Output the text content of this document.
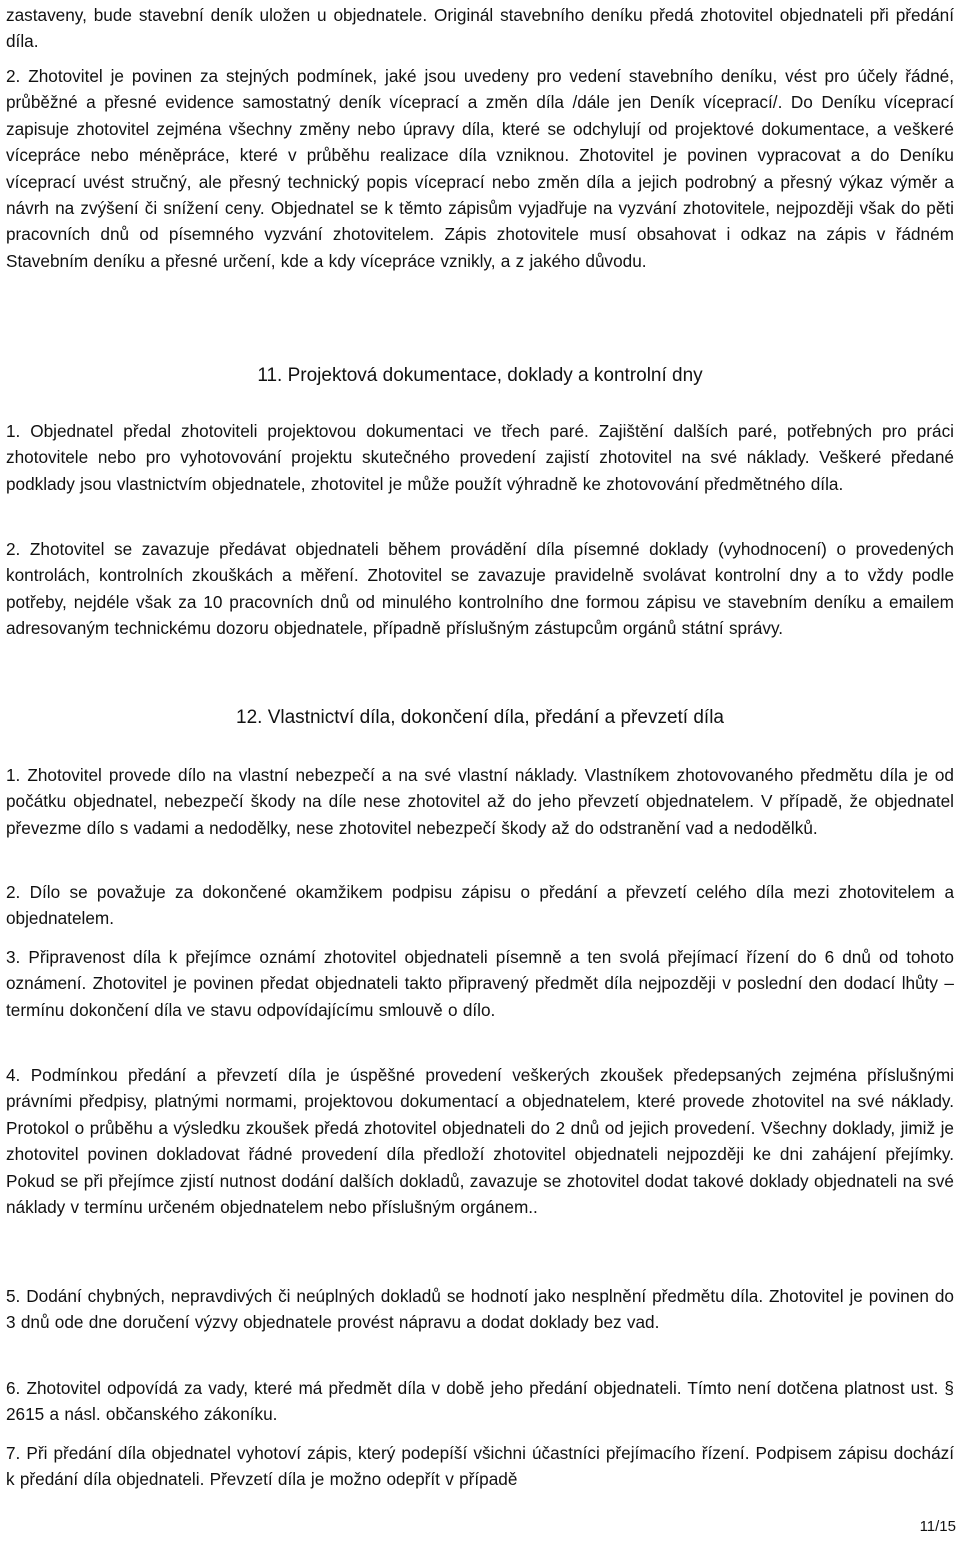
zastaveny, bude stavební deník uložen u objednatele. Originál stavebního deníku předá zhotovitel objednateli při předání díla.

2. Zhotovitel je povinen za stejných podmínek, jaké jsou uvedeny pro vedení stavebního deníku, vést pro účely řádné, průběžné a přesné evidence samostatný deník víceprací a změn díla /dále jen Deník víceprací/. Do Deníku víceprací zapisuje zhotovitel zejména všechny změny nebo úpravy díla, které se odchylují od projektové dokumentace, a veškeré vícepráce nebo méněpráce, které v průběhu realizace díla vzniknou. Zhotovitel je povinen vypracovat a do Deníku víceprací uvést stručný, ale přesný technický popis víceprací nebo změn díla a jejich podrobný a přesný výkaz výměr a návrh na zvýšení či snížení ceny. Objednatel se k těmto zápisům vyjadřuje na vyzvání zhotovitele, nejpozději však do pěti pracovních dnů od písemného vyzvání zhotovitelem. Zápis zhotovitele musí obsahovat i odkaz na zápis v řádném Stavebním deníku a přesné určení, kde a kdy vícepráce vznikly, a z jakého důvodu.

11. Projektová dokumentace, doklady a kontrolní dny

1. Objednatel předal zhotoviteli projektovou dokumentaci ve třech paré. Zajištění dalších paré, potřebných pro práci zhotovitele nebo pro vyhotovování projektu skutečného provedení zajistí zhotovitel na své náklady. Veškeré předané podklady jsou vlastnictvím objednatele, zhotovitel je může použít výhradně ke zhotovování předmětného díla.

2. Zhotovitel se zavazuje předávat objednateli během provádění díla písemné doklady (vyhodnocení) o provedených kontrolách, kontrolních zkouškách a měření. Zhotovitel se zavazuje pravidelně svolávat kontrolní dny a to vždy podle potřeby, nejdéle však za 10 pracovních dnů od minulého kontrolního dne formou zápisu ve stavebním deníku a emailem adresovaným technickému dozoru objednatele, případně příslušným zástupcům orgánů státní správy.

12. Vlastnictví díla, dokončení díla, předání a převzetí díla

1. Zhotovitel provede dílo na vlastní nebezpečí a na své vlastní náklady. Vlastníkem zhotovovaného předmětu díla je od počátku objednatel, nebezpečí škody na díle nese zhotovitel až do jeho převzetí objednatelem. V případě, že objednatel převezme dílo s vadami a nedodělky, nese zhotovitel nebezpečí škody až do odstranění vad a nedodělků.

2. Dílo se považuje za dokončené okamžikem podpisu zápisu o předání a převzetí celého díla mezi zhotovitelem a objednatelem.

3. Připravenost díla k přejímce oznámí zhotovitel objednateli písemně a ten svolá přejímací řízení do 6 dnů od tohoto oznámení. Zhotovitel je povinen předat objednateli takto připravený předmět díla nejpozději v poslední den dodací lhůty – termínu dokončení díla ve stavu odpovídajícímu smlouvě o dílo.

4. Podmínkou předání a převzetí díla je úspěšné provedení veškerých zkoušek předepsaných zejména příslušnými právními předpisy, platnými normami, projektovou dokumentací a objednatelem, které provede zhotovitel na své náklady. Protokol o průběhu a výsledku zkoušek předá zhotovitel objednateli do 2 dnů od jejich provedení. Všechny doklady, jimiž je zhotovitel povinen dokladovat řádné provedení díla předloží zhotovitel objednateli nejpozději ke dni zahájení přejímky. Pokud se při přejímce zjistí nutnost dodání dalších dokladů, zavazuje se zhotovitel dodat takové doklady objednateli na své náklady v termínu určeném objednatelem nebo příslušným orgánem..

5. Dodání chybných, nepravdivých či neúplných dokladů se hodnotí jako nesplnění předmětu díla. Zhotovitel je povinen do 3 dnů ode dne doručení výzvy objednatele provést nápravu a dodat doklady bez vad.

6. Zhotovitel odpovídá za vady, které má předmět díla v době jeho předání objednateli. Tímto není dotčena platnost ust. § 2615 a násl. občanského zákoníku.

7. Při předání díla objednatel vyhotoví zápis, který podepíší všichni účastníci přejímacího řízení. Podpisem zápisu dochází k předání díla objednateli. Převzetí díla je možno odepřít v případě

11/15
